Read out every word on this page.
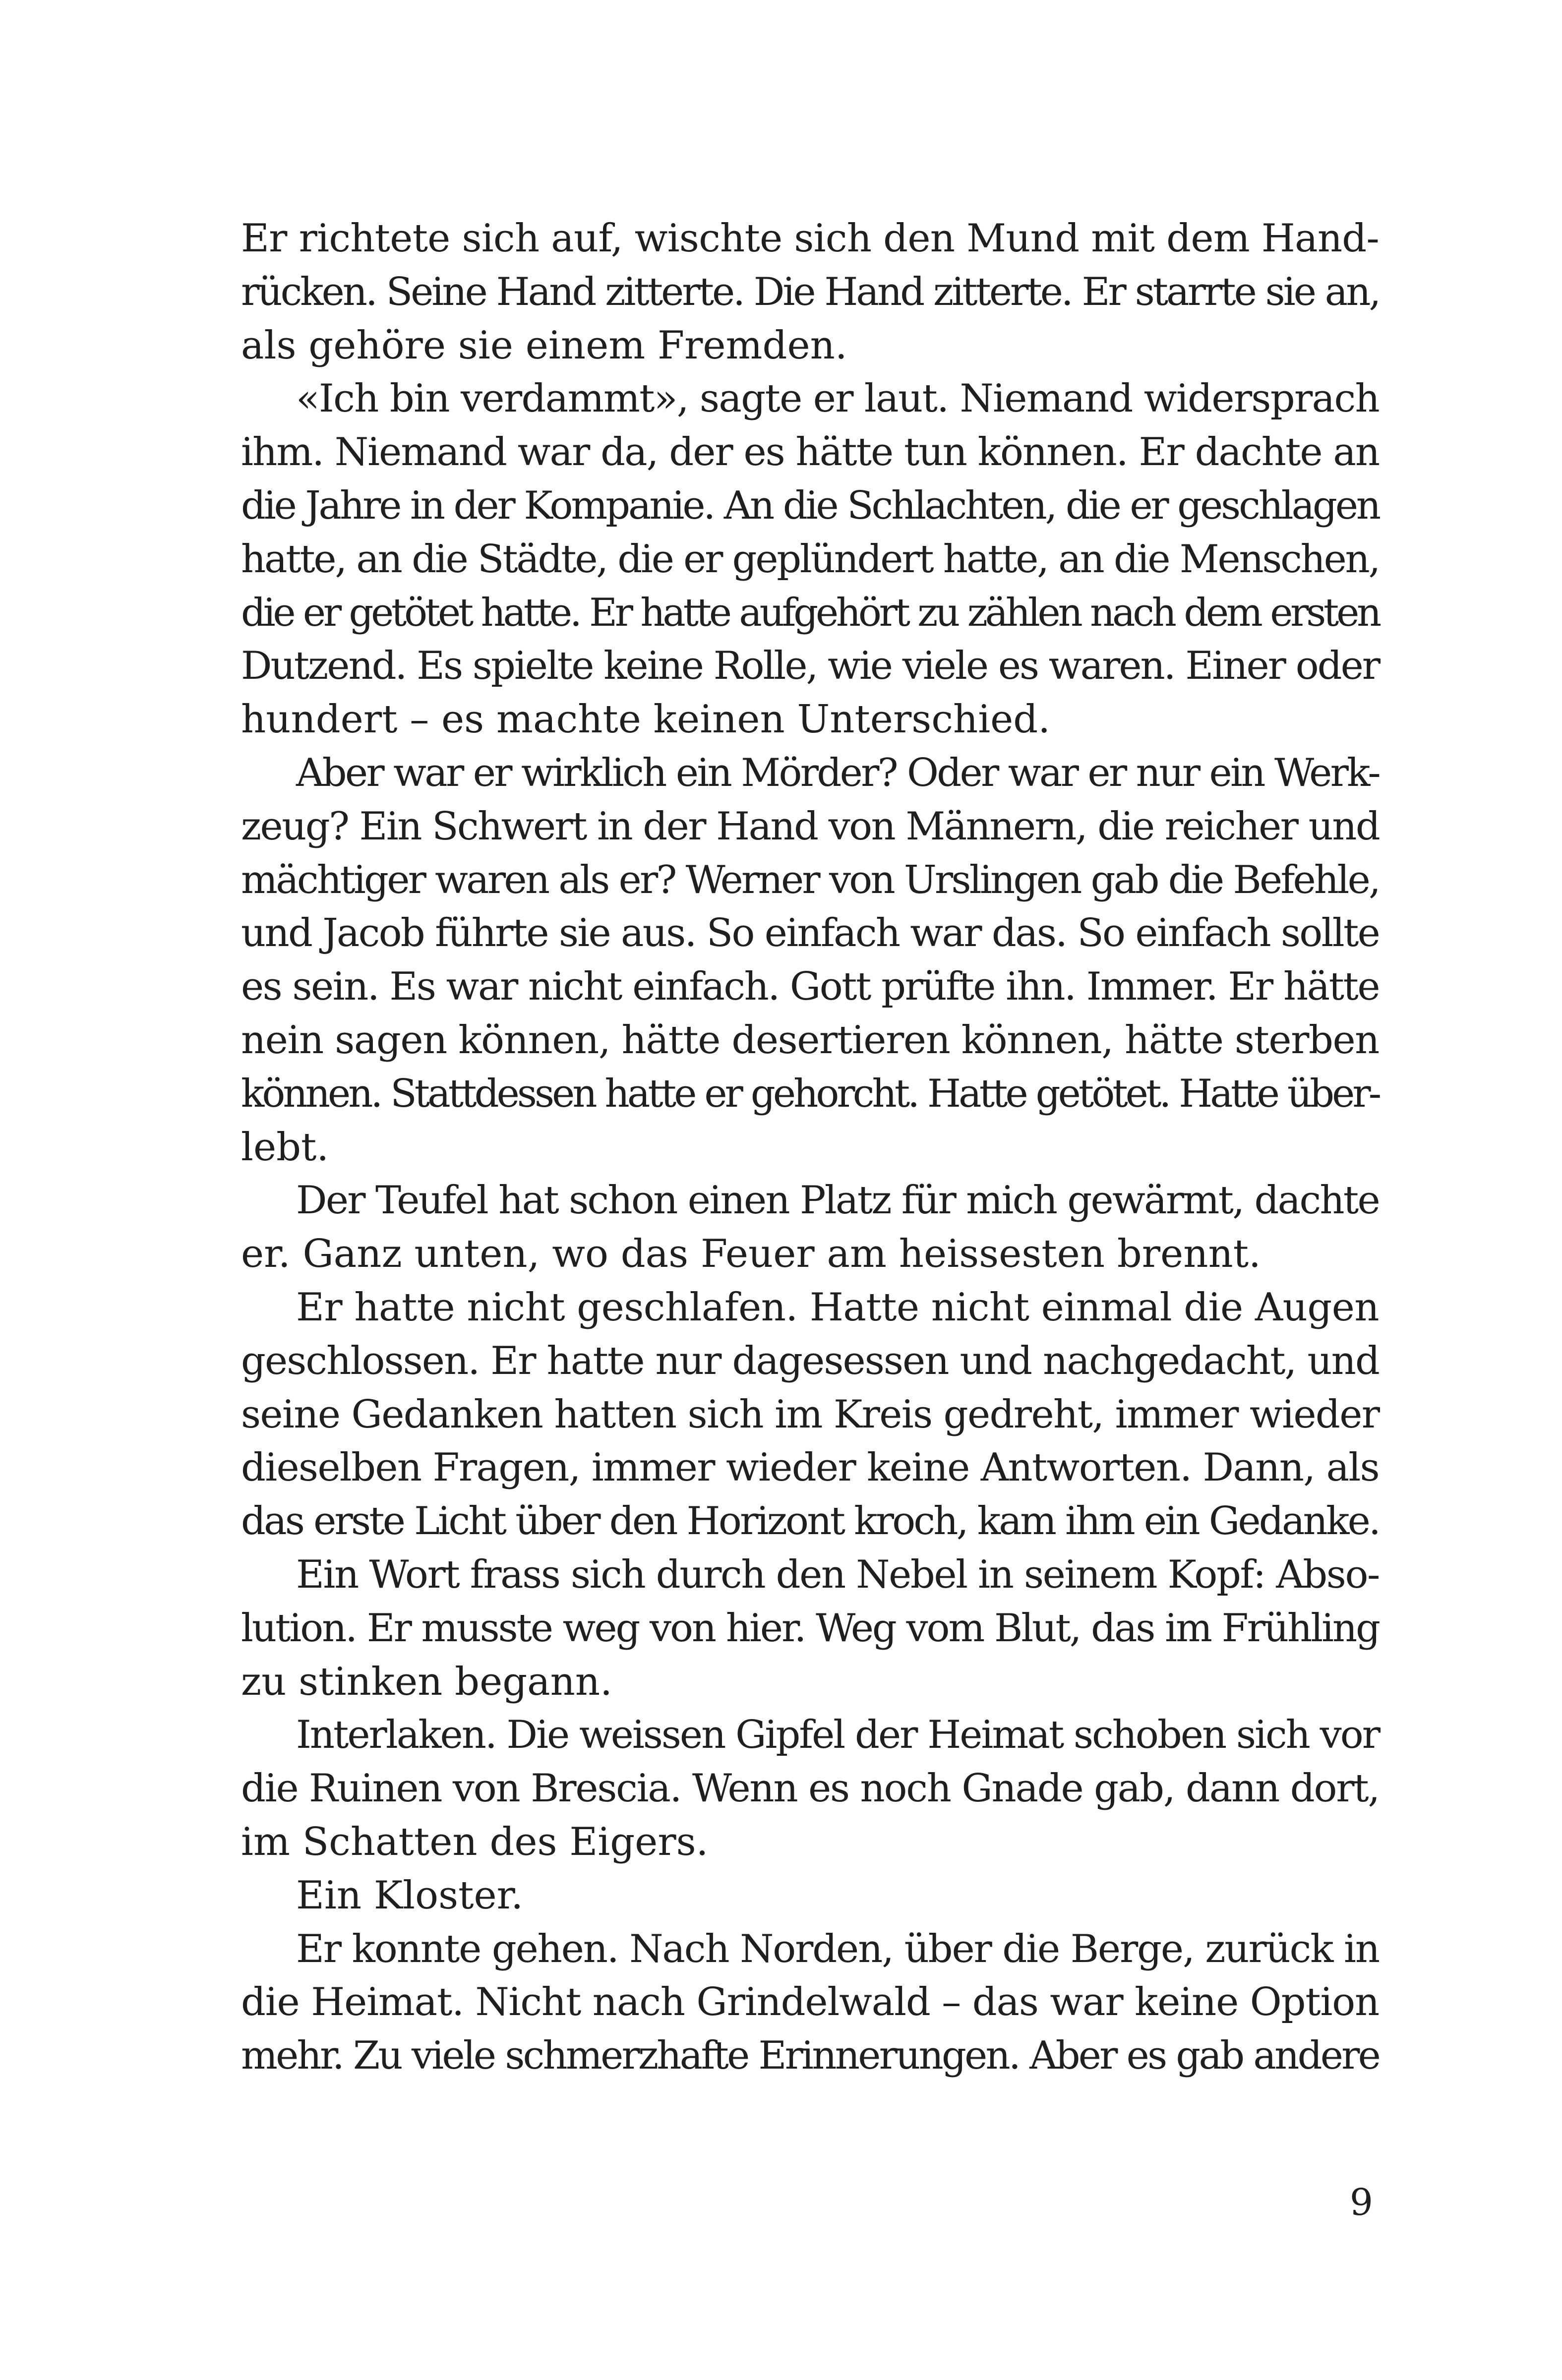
Er richtete sich auf, wischte sich den Mund mit dem Hand-
rücken. Seine Hand zitterte. Die Hand zitterte. Er starrte sie an,
als gehöre sie einem Fremden.

«Ich bin verdammt», sagte er laut. Niemand widersprach
ihm. Niemand war da, der es hätte tun können. Er dachte an
die Jahre in der Kompanie. An die Schlachten, die er geschlagen
hatte, an die Städte, die er geplündert hatte, an die Menschen,
die er getötet hatte. Er hatte aufgehört zu zählen nach dem ersten
Dutzend. Es spielte keine Rolle, wie viele es waren. Einer oder
hundert – es machte keinen Unterschied.

Aber war er wirklich ein Mörder? Oder war er nur ein Werk-
zeug? Ein Schwert in der Hand von Männern, die reicher und
mächtiger waren als er? Werner von Urslingen gab die Befehle,
und Jacob führte sie aus. So einfach war das. So einfach sollte
es sein. Es war nicht einfach. Gott prüfte ihn. Immer. Er hätte
nein sagen können, hätte desertieren können, hätte sterben
können. Stattdessen hatte er gehorcht. Hatte getötet. Hatte über-
lebt.

Der Teufel hat schon einen Platz für mich gewärmt, dachte
er. Ganz unten, wo das Feuer am heissesten brennt.

Er hatte nicht geschlafen. Hatte nicht einmal die Augen
geschlossen. Er hatte nur dagesessen und nachgedacht, und
seine Gedanken hatten sich im Kreis gedreht, immer wieder
dieselben Fragen, immer wieder keine Antworten. Dann, als
das erste Licht über den Horizont kroch, kam ihm ein Gedanke.

Ein Wort frass sich durch den Nebel in seinem Kopf: Abso-
lution. Er musste weg von hier. Weg vom Blut, das im Frühling
zu stinken begann.

Interlaken. Die weissen Gipfel der Heimat schoben sich vor
die Ruinen von Brescia. Wenn es noch Gnade gab, dann dort,
im Schatten des Eigers.

Ein Kloster.

Er konnte gehen. Nach Norden, über die Berge, zurück in
die Heimat. Nicht nach Grindelwald – das war keine Option
mehr. Zu viele schmerzhafte Erinnerungen. Aber es gab andere

9
